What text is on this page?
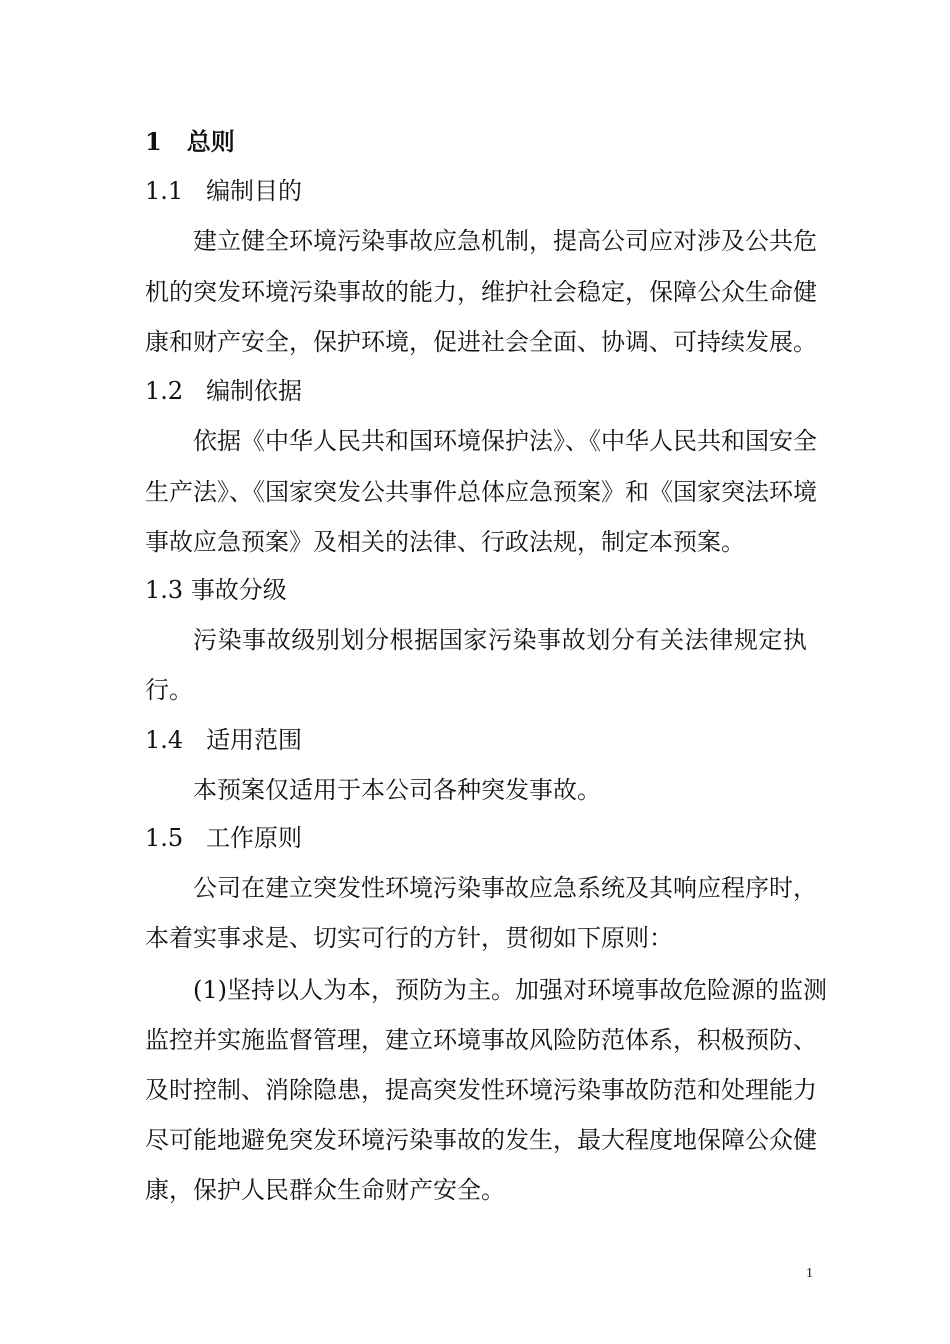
1 总则
1.1 编制目的
建立健全环境污染事故应急机制，提高公司应对涉及公共危
机的突发环境污染事故的能力，维护社会稳定，保障公众生命健
康和财产安全，保护环境，促进社会全面、协调、可持续发展。
1.2 编制依据
依据《中华人民共和国环境保护法》、《中华人民共和国安全
生产法》、《国家突发公共事件总体应急预案》和《国家突法环境
事故应急预案》及相关的法律、行政法规，制定本预案。
1.3 事故分级
污染事故级别划分根据国家污染事故划分有关法律规定执
行。
1.4 适用范围
本预案仅适用于本公司各种突发事故。
1.5 工作原则
公司在建立突发性环境污染事故应急系统及其响应程序时，
本着实事求是、切实可行的方针，贯彻如下原则：
(1)坚持以人为本，预防为主。加强对环境事故危险源的监测
监控并实施监督管理，建立环境事故风险防范体系，积极预防、
及时控制、消除隐患，提高突发性环境污染事故防范和处理能力
尽可能地避免突发环境污染事故的发生，最大程度地保障公众健
康，保护人民群众生命财产安全。
1
